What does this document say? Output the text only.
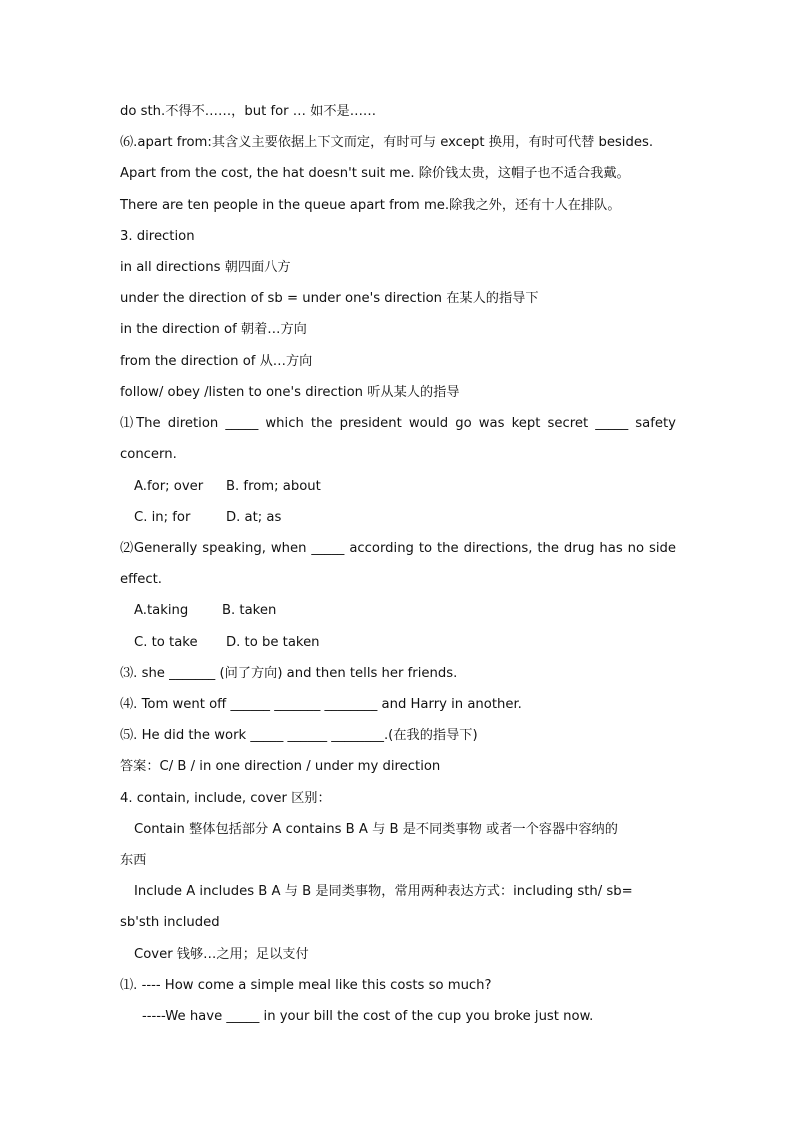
do sth.不得不……，but for … 如不是……
⑹.apart from:其含义主要依据上下文而定，有时可与 except 换用，有时可代替 besides.
Apart from the cost, the hat doesn't suit me. 除价钱太贵，这帽子也不适合我戴。
There are ten people in the queue apart from me.除我之外，还有十人在排队。
3. direction
in all directions 朝四面八方
under the direction of sb = under one's direction 在某人的指导下
in the direction of 朝着…方向
from the direction of 从…方向
follow/ obey /listen to one's direction 听从某人的指导
⑴The diretion _____ which the president would go was kept secret _____ safety
concern.
A.for; over B. from; about
C. in; for	D. at; as
⑵Generally speaking, when _____ according to the directions, the drug has no side
effect.
A.taking	B. taken
C. to take D. to be taken
⑶. she _______ (问了方向) and then tells her friends.
⑷. Tom went off ______ _______ ________ and Harry in another.
⑸. He did the work _____ ______ ________.(在我的指导下)
答案：C/ B / in one direction / under my direction
4. contain, include, cover 区别：
Contain 整体包括部分 A contains B A 与 B 是不同类事物 或者一个容器中容纳的
东西
Include A includes B A 与 B 是同类事物，常用两种表达方式：including sth/ sb=
sb'sth included
Cover 钱够…之用；足以支付
⑴. ---- How come a simple meal like this costs so much?
-----We have _____ in your bill the cost of the cup you broke just now.
